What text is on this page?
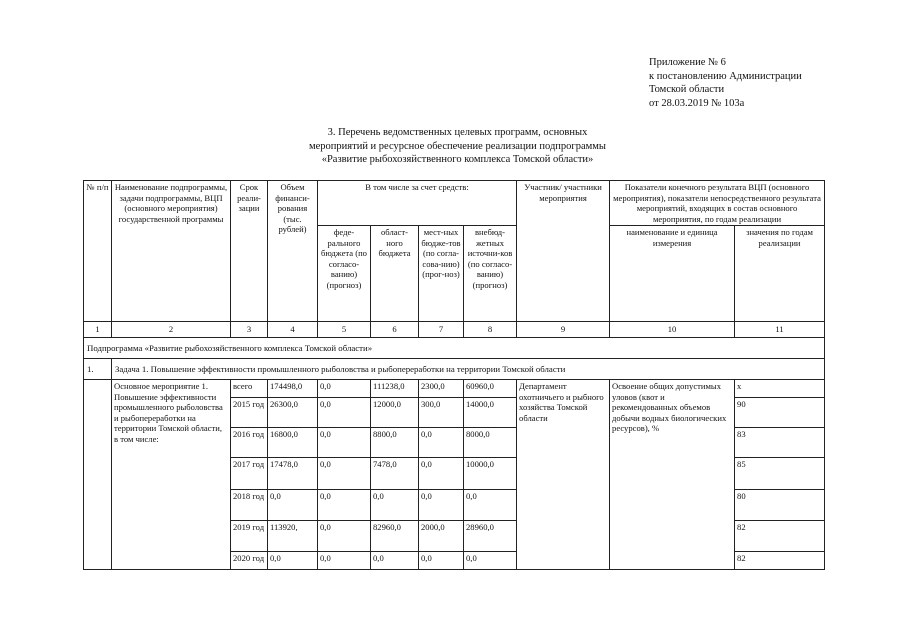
Приложение № 6
к постановлению Администрации
Томской области
от 28.03.2019 № 103а
3. Перечень ведомственных целевых программ, основных
мероприятий и ресурсное обеспечение реализации подпрограммы
«Развитие рыбохозяйственного комплекса Томской области»
№ п/п	Наименование подпрограммы, задачи подпрограммы, ВЦП (основного мероприятия) государственной программы	Срок реали-зации	Объем финанси-рования (тыс. рублей)	В том числе за счет средств:				Участник/ участники мероприятия	Показатели конечного результата ВЦП (основного мероприятия), показатели непосредственного результата мероприятий, входящих в состав основного мероприятия, по годам реализации	
				феде-рального бюджета (по согласо-ванию) (прогноз)	област-ного бюджета	мест-ных бюдже-тов (по согла-сова-нию) (прог-ноз)	внебюд-жетных источни-ков (по согласо-ванию) (прогноз)		наименование и единица измерения	значения по годам реализации
1	2	3	4	5	6	7	8	9	10	11
Подпрограмма «Развитие рыбохозяйственного комплекса Томской области»										
1.	Задача 1. Повышение эффективности промышленного рыболовства и рыбопереработки на территории Томской области									
	Основное мероприятие 1. Повышение эффективности промышленного рыболовства и рыбопереработки на территории Томской области, в том числе:	всего	174498,0	0,0	111238,0	2300,0	60960,0	Департамент охотничьего и рыбного хозяйства Томской области	Освоение общих допустимых уловов (квот и рекомендованных объемов добычи водных биологических ресурсов), %	x
		2015 год	26300,0	0,0	12000,0	300,0	14000,0			90
		2016 год	16800,0	0,0	8800,0	0,0	8000,0			83
		2017 год	17478,0	0,0	7478,0	0,0	10000,0			85
		2018 год	0,0	0,0	0,0	0,0	0,0			80
		2019 год	113920,	0,0	82960,0	2000,0	28960,0			82
		2020 год	0,0	0,0	0,0	0,0	0,0			82
